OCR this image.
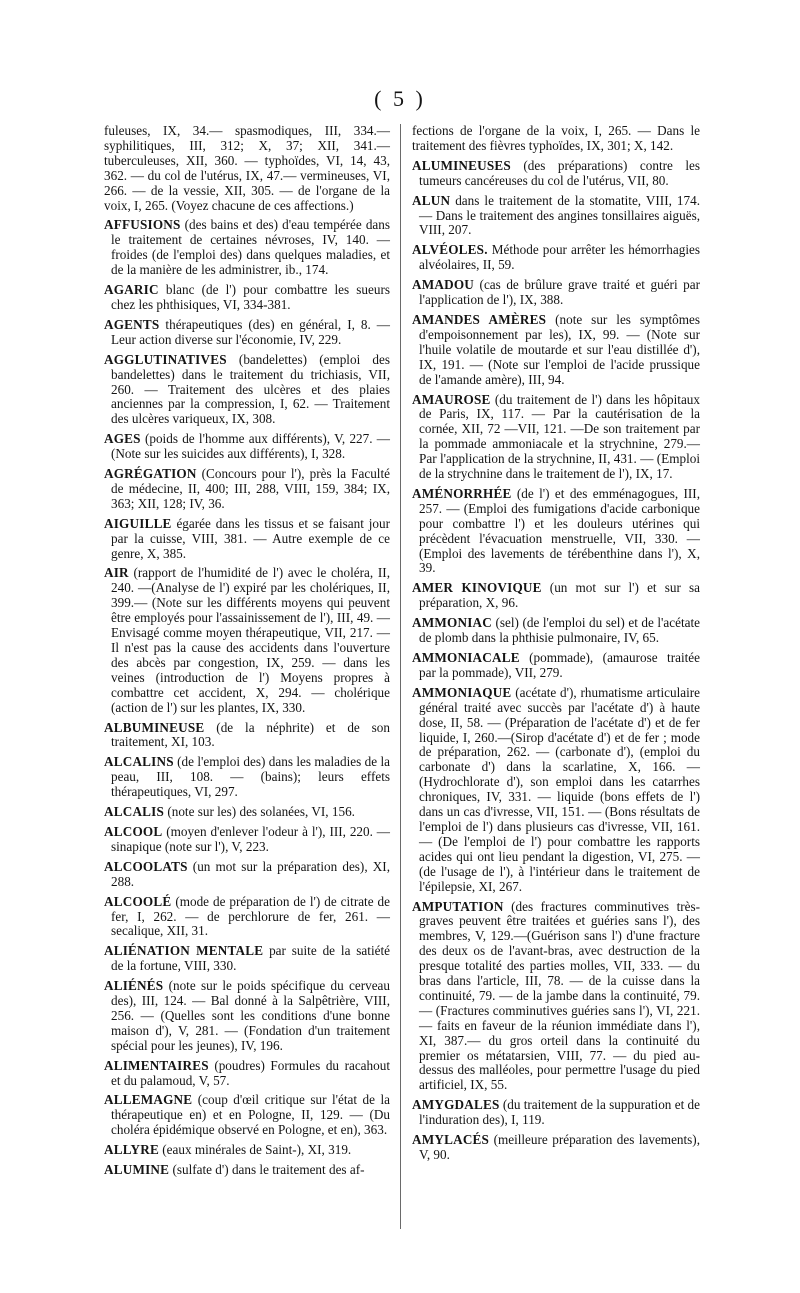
( 5 )

fuleuses, IX, 34.— spasmodiques, III, 334.— syphilitiques, III, 312; X, 37; XII, 341.— tuberculeuses, XII, 360. — typhoïdes, VI, 14, 43, 362. — du col de l'utérus, IX, 47.— vermineuses, VI, 266. — de la vessie, XII, 305. — de l'organe de la voix, I, 265. (Voyez chacune de ces affections.)

AFFUSIONS (des bains et des) d'eau tempérée dans le traitement de certaines névroses, IV, 140. — froides (de l'emploi des) dans quelques maladies, et de la manière de les administrer, ib., 174.

AGARIC blanc (de l') pour combattre les sueurs chez les phthisiques, VI, 334-381.

AGENTS thérapeutiques (des) en général, I, 8. —Leur action diverse sur l'économie, IV, 229.

AGGLUTINATIVES (bandelettes) (emploi des bandelettes) dans le traitement du trichiasis, VII, 260. — Traitement des ulcères et des plaies anciennes par la compression, I, 62. — Traitement des ulcères variqueux, IX, 308.

AGES (poids de l'homme aux différents), V, 227. — (Note sur les suicides aux différents), I, 328.

AGRÉGATION (Concours pour l'), près la Faculté de médecine, II, 400; III, 288, VIII, 159, 384; IX, 363; XII, 128; IV, 36.

AIGUILLE égarée dans les tissus et se faisant jour par la cuisse, VIII, 381. — Autre exemple de ce genre, X, 385.

AIR (rapport de l'humidité de l') avec le choléra, II, 240. —(Analyse de l') expiré par les cholériques, II, 399.— (Note sur les différents moyens qui peuvent être employés pour l'assainissement de l'), III, 49. — Envisagé comme moyen thérapeutique, VII, 217. — Il n'est pas la cause des accidents dans l'ouverture des abcès par congestion, IX, 259. — dans les veines (introduction de l') Moyens propres à combattre cet accident, X, 294. — cholérique (action de l') sur les plantes, IX, 330.

ALBUMINEUSE (de la néphrite) et de son traitement, XI, 103.

ALCALINS (de l'emploi des) dans les maladies de la peau, III, 108. — (bains); leurs effets thérapeutiques, VI, 297.

ALCALIS (note sur les) des solanées, VI, 156.

ALCOOL (moyen d'enlever l'odeur à l'), III, 220. — sinapique (note sur l'), V, 223.

ALCOOLATS (un mot sur la préparation des), XI, 288.

ALCOOLÉ (mode de préparation de l') de citrate de fer, I, 262. — de perchlorure de fer, 261. — secalique, XII, 31.

ALIÉNATION MENTALE par suite de la satiété de la fortune, VIII, 330.

ALIÉNÉS (note sur le poids spécifique du cerveau des), III, 124. — Bal donné à la Salpêtrière, VIII, 256. — (Quelles sont les conditions d'une bonne maison d'), V, 281. — (Fondation d'un traitement spécial pour les jeunes), IV, 196.

ALIMENTAIRES (poudres) Formules du racahout et du palamoud, V, 57.

ALLEMAGNE (coup d'œil critique sur l'état de la thérapeutique en) et en Pologne, II, 129. — (Du choléra épidémique observé en Pologne, et en), 363.

ALLYRE (eaux minérales de Saint-), XI, 319.

ALUMINE (sulfate d') dans le traitement des af-

fections de l'organe de la voix, I, 265. — Dans le traitement des fièvres typhoïdes, IX, 301; X, 142.

ALUMINEUSES (des préparations) contre les tumeurs cancéreuses du col de l'utérus, VII, 80.

ALUN dans le traitement de la stomatite, VIII, 174. — Dans le traitement des angines tonsillaires aiguës, VIII, 207.

ALVÉOLES. Méthode pour arrêter les hémorrhagies alvéolaires, II, 59.

AMADOU (cas de brûlure grave traité et guéri par l'application de l'), IX, 388.

AMANDES AMÈRES (note sur les symptômes d'empoisonnement par les), IX, 99. — (Note sur l'huile volatile de moutarde et sur l'eau distillée d'), IX, 191. — (Note sur l'emploi de l'acide prussique de l'amande amère), III, 94.

AMAUROSE (du traitement de l') dans les hôpitaux de Paris, IX, 117. — Par la cautérisation de la cornée, XII, 72 —VII, 121. —De son traitement par la pommade ammoniacale et la strychnine, 279.—Par l'application de la strychnine, II, 431. — (Emploi de la strychnine dans le traitement de l'), IX, 17.

AMÉNORRHÉE (de l') et des emménagogues, III, 257. — (Emploi des fumigations d'acide carbonique pour combattre l') et les douleurs utérines qui précèdent l'évacuation menstruelle, VII, 330. — (Emploi des lavements de térébenthine dans l'), X, 39.

AMER KINOVIQUE (un mot sur l') et sur sa préparation, X, 96.

AMMONIAC (sel) (de l'emploi du sel) et de l'acétate de plomb dans la phthisie pulmonaire, IV, 65.

AMMONIACALE (pommade), (amaurose traitée par la pommade), VII, 279.

AMMONIAQUE (acétate d'), rhumatisme articulaire général traité avec succès par l'acétate d') à haute dose, II, 58. — (Préparation de l'acétate d') et de fer liquide, I, 260.—(Sirop d'acétate d') et de fer ; mode de préparation, 262. — (carbonate d'), (emploi du carbonate d') dans la scarlatine, X, 166. — (Hydrochlorate d'), son emploi dans les catarrhes chroniques, IV, 331. — liquide (bons effets de l') dans un cas d'ivresse, VII, 151. — (Bons résultats de l'emploi de l') dans plusieurs cas d'ivresse, VII, 161. — (De l'emploi de l') pour combattre les rapports acides qui ont lieu pendant la digestion, VI, 275. — (de l'usage de l'), à l'intérieur dans le traitement de l'épilepsie, XI, 267.

AMPUTATION (des fractures comminutives très-graves peuvent être traitées et guéries sans l'), des membres, V, 129.—(Guérison sans l') d'une fracture des deux os de l'avant-bras, avec destruction de la presque totalité des parties molles, VII, 333. — du bras dans l'article, III, 78. — de la cuisse dans la continuité, 79. — de la jambe dans la continuité, 79. — (Fractures comminutives guéries sans l'), VI, 221.— faits en faveur de la réunion immédiate dans l'), XI, 387.— du gros orteil dans la continuité du premier os métatarsien, VIII, 77. — du pied au-dessus des malléoles, pour permettre l'usage du pied artificiel, IX, 55.

AMYGDALES (du traitement de la suppuration et de l'induration des), I, 119.

AMYLACÉS (meilleure préparation des lavements), V, 90.
